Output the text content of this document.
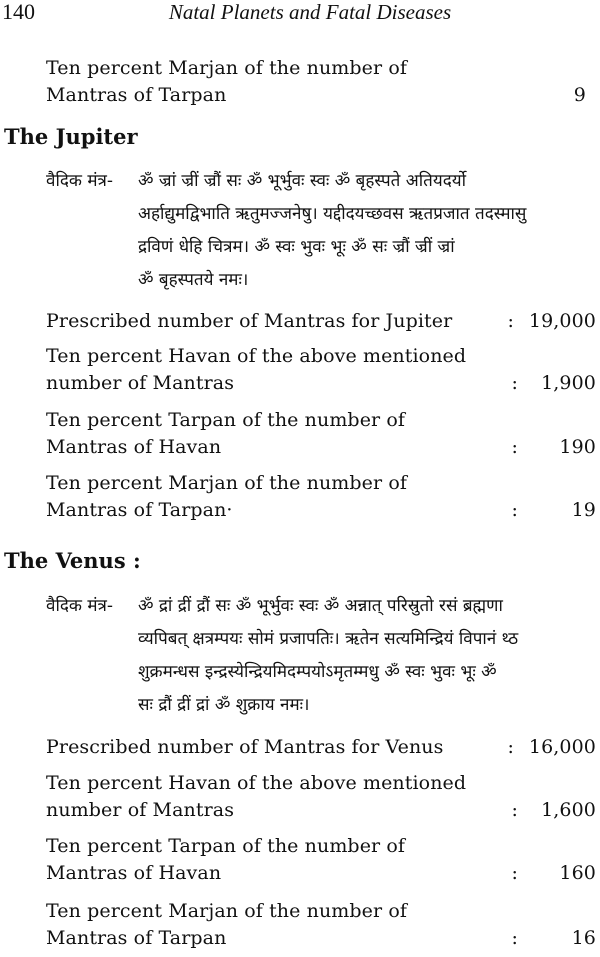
140	Natal Planets and Fatal Diseases
Ten percent Marjan of the number of
Mantras of Tarpan	9
The Jupiter
वैदिक मंत्र-	ॐ ज्रां ज्रीं ज्रौं सः ॐ भूर्भुवः स्वः ॐ बृहस्पते अतियदर्यो
अर्हाद्युमद्विभाति ऋतुमज्जनेषु। यद्दीदयच्छवस ऋतप्रजात तदस्मासु
द्रविणं धेहि चित्रम। ॐ स्वः भुवः भूः ॐ सः ज्रौं ज्रीं ज्रां
ॐ बृहस्पतये नमः।
Prescribed number of Mantras for Jupiter	: 19,000
Ten percent Havan of the above mentioned
number of Mantras	: 1,900
Ten percent Tarpan of the number of
Mantras of Havan	: 190
Ten percent Marjan of the number of
Mantras of Tarpan·	:	19
The Venus :
वैदिक मंत्र-	ॐ द्रां द्रीं द्रौं सः ॐ भूर्भुवः स्वः ॐ अन्नात् परिस्रुतो रसं ब्रह्मणा
व्यपिबत् क्षत्रम्पयः सोमं प्रजापतिः। ऋतेन सत्यमिन्द्रियं विपानं थ्ठ
शुक्रमन्धस इन्द्रस्येन्द्रियमिदम्पयोऽमृतम्मधु ॐ स्वः भुवः भूः ॐ
सः द्रौं द्रीं द्रां ॐ शुक्राय नमः।
Prescribed number of Mantras for Venus	: 16,000
Ten percent Havan of the above mentioned
number of Mantras	: 1,600
Ten percent Tarpan of the number of
Mantras of Havan	: 160
Ten percent Marjan of the number of
Mantras of Tarpan	:	16
